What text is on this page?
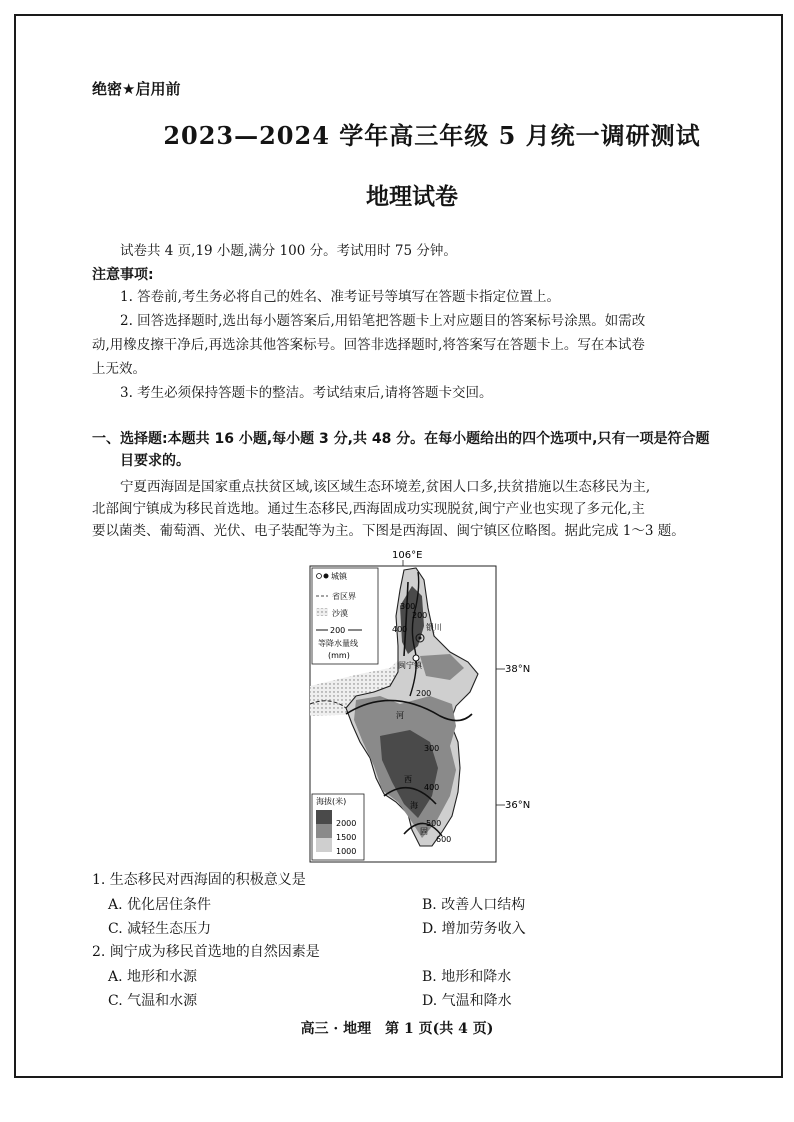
绝密★启用前
2023—2024 学年高三年级 5 月统一调研测试
地理试卷
试卷共 4 页,19 小题,满分 100 分。考试用时 75 分钟。
注意事项:
1. 答卷前,考生务必将自己的姓名、准考证号等填写在答题卡指定位置上。
2. 回答选择题时,选出每小题答案后,用铅笔把答题卡上对应题目的答案标号涂黑。如需改
动,用橡皮擦干净后,再选涂其他答案标号。回答非选择题时,将答案写在答题卡上。写在本试卷
上无效。
3. 考生必须保持答题卡的整洁。考试结束后,请将答题卡交回。
一、选择题:本题共 16 小题,每小题 3 分,共 48 分。在每小题给出的四个选项中,只有一项是符合题
目要求的。
宁夏西海固是国家重点扶贫区域,该区域生态环境差,贫困人口多,扶贫措施以生态移民为主,
北部闽宁镇成为移民首选地。通过生态移民,西海固成功实现脱贫,闽宁产业也实现了多元化,主
要以菌类、葡萄酒、光伏、电子装配等为主。下图是西海固、闽宁镇区位略图。据此完成 1～3 题。
106°E
38°N
36°N
银川
闽宁镇
300
400
200
200
300
400
500
600
河
西
海
固
城镇
省区界
沙漠
200
等降水量线
(mm)
海拔(米)
2000
1500
1000
1. 生态移民对西海固的积极意义是
A. 优化居住条件	B. 改善人口结构
C. 减轻生态压力	D. 增加劳务收入
2. 闽宁成为移民首选地的自然因素是
A. 地形和水源	B. 地形和降水
C. 气温和水源	D. 气温和降水
高三 · 地理　第 1 页(共 4 页)
